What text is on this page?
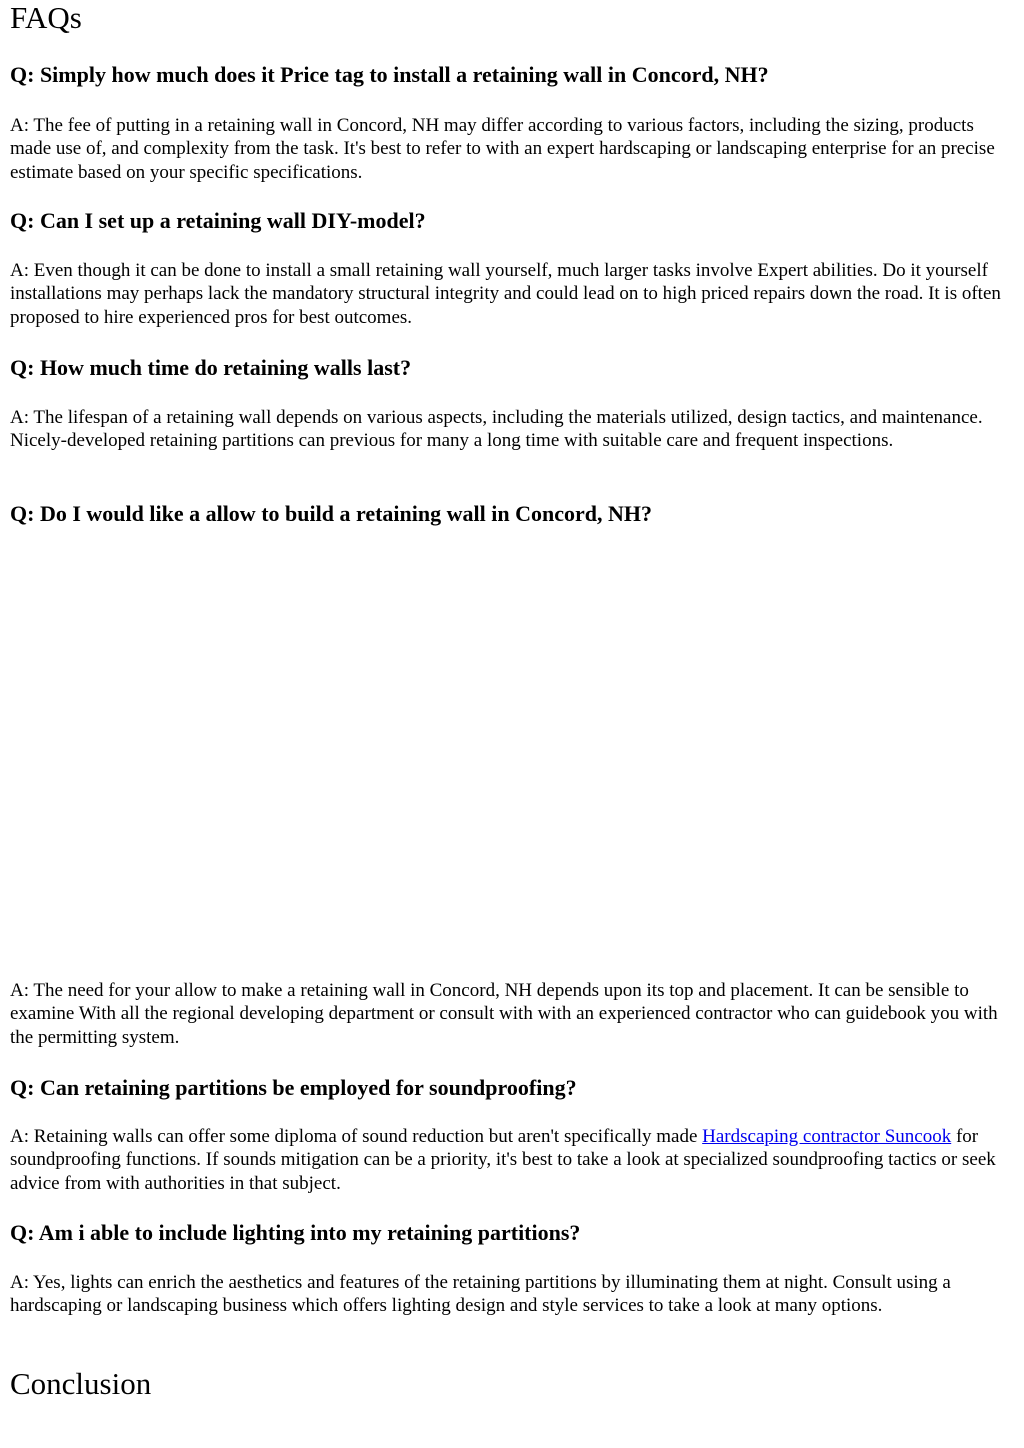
FAQs
Q: Simply how much does it Price tag to install a retaining wall in Concord, NH?

A: The fee of putting in a retaining wall in Concord, NH may differ according to various factors, including the sizing, products made use of, and complexity from the task. It's best to refer to with an expert hardscaping or landscaping enterprise for an precise estimate based on your specific specifications.

Q: Can I set up a retaining wall DIY-model?

A: Even though it can be done to install a small retaining wall yourself, much larger tasks involve Expert abilities. Do it yourself installations may perhaps lack the mandatory structural integrity and could lead on to high priced repairs down the road. It is often proposed to hire experienced pros for best outcomes.

Q: How much time do retaining walls last?

A: The lifespan of a retaining wall depends on various aspects, including the materials utilized, design tactics, and maintenance. Nicely-developed retaining partitions can previous for many a long time with suitable care and frequent inspections.

Q: Do I would like a allow to build a retaining wall in Concord, NH?

A: The need for your allow to make a retaining wall in Concord, NH depends upon its top and placement. It can be sensible to examine With all the regional developing department or consult with with an experienced contractor who can guidebook you with the permitting system.

Q: Can retaining partitions be employed for soundproofing?

A: Retaining walls can offer some diploma of sound reduction but aren't specifically made Hardscaping contractor Suncook for soundproofing functions. If sounds mitigation can be a priority, it's best to take a look at specialized soundproofing tactics or seek advice from with authorities in that subject.

Q: Am i able to include lighting into my retaining partitions?

A: Yes, lights can enrich the aesthetics and features of the retaining partitions by illuminating them at night. Consult using a hardscaping or landscaping business which offers lighting design and style services to take a look at many options.

Conclusion
